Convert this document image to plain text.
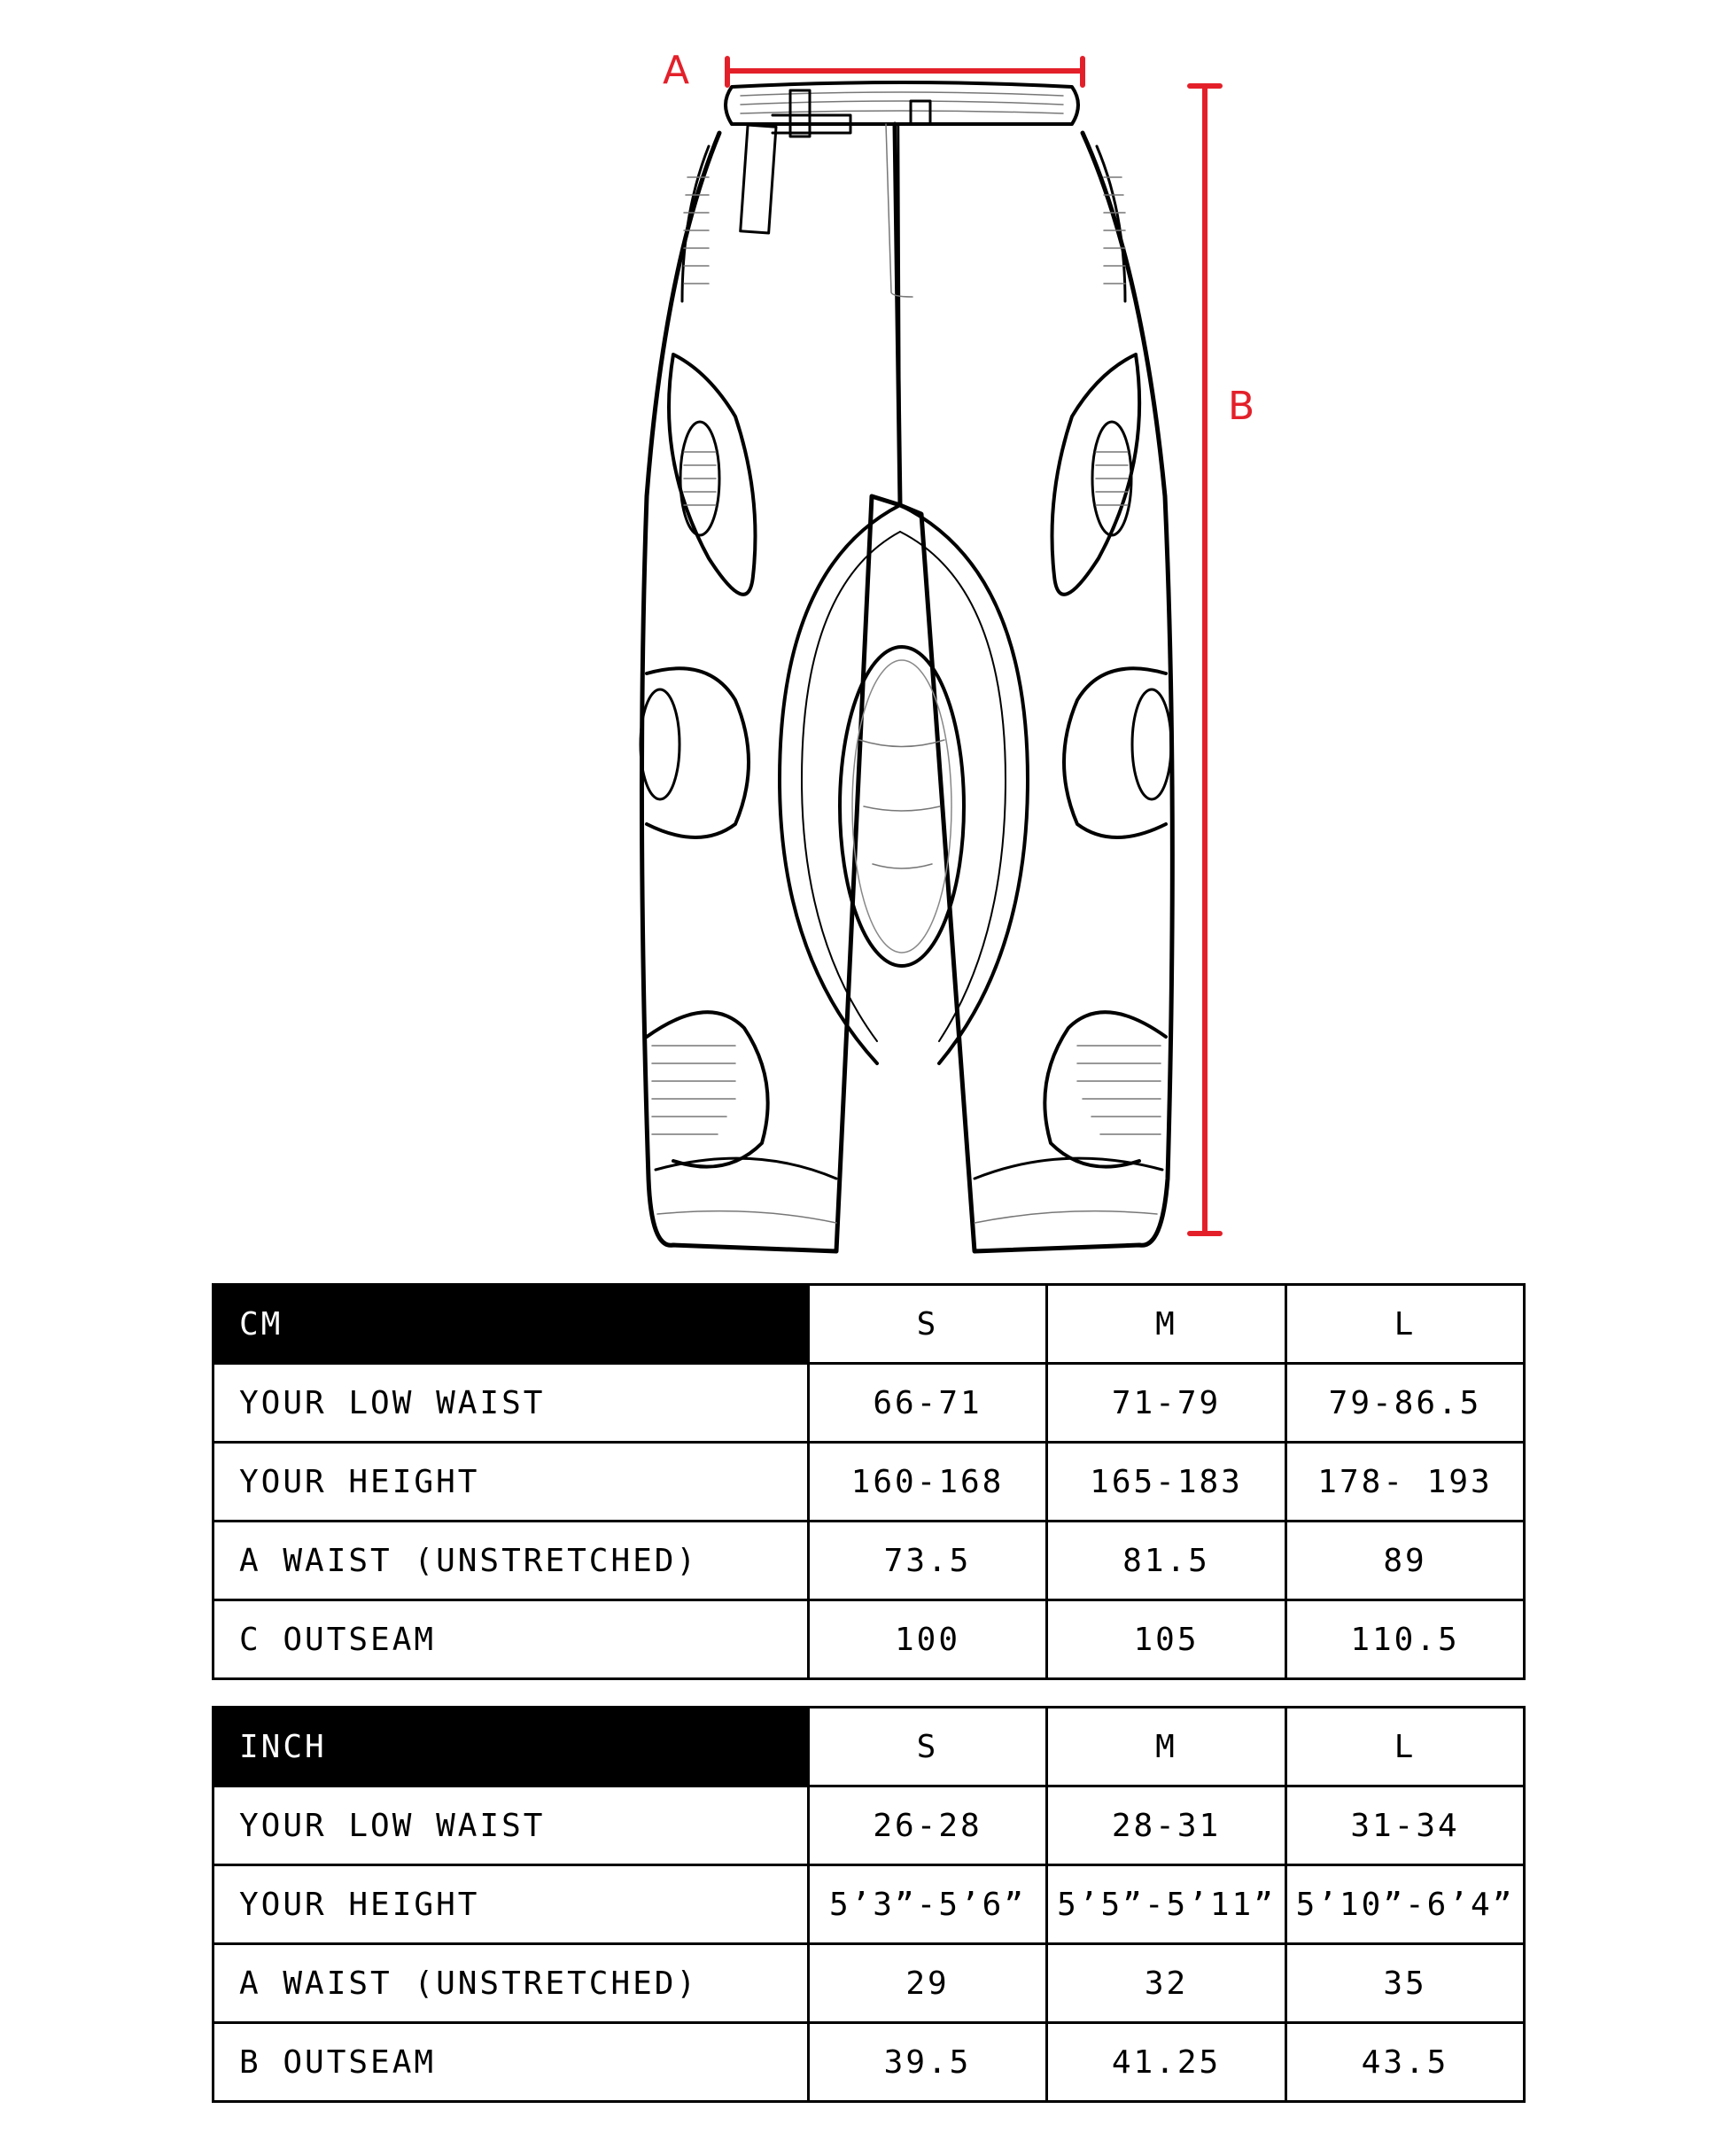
A
B
CM	S	M	L
YOUR LOW WAIST	66-71	71-79	79-86.5
YOUR HEIGHT	160-168	165-183	178- 193
A WAIST (UNSTRETCHED)	73.5	81.5	89
C OUTSEAM	100	105	110.5
INCH	S	M	L
YOUR LOW WAIST	26-28	28-31	31-34
YOUR HEIGHT	5’3”-5’6”	5’5”-5’11”	5’10”-6’4”
A WAIST (UNSTRETCHED)	29	32	35
B OUTSEAM	39.5	41.25	43.5
